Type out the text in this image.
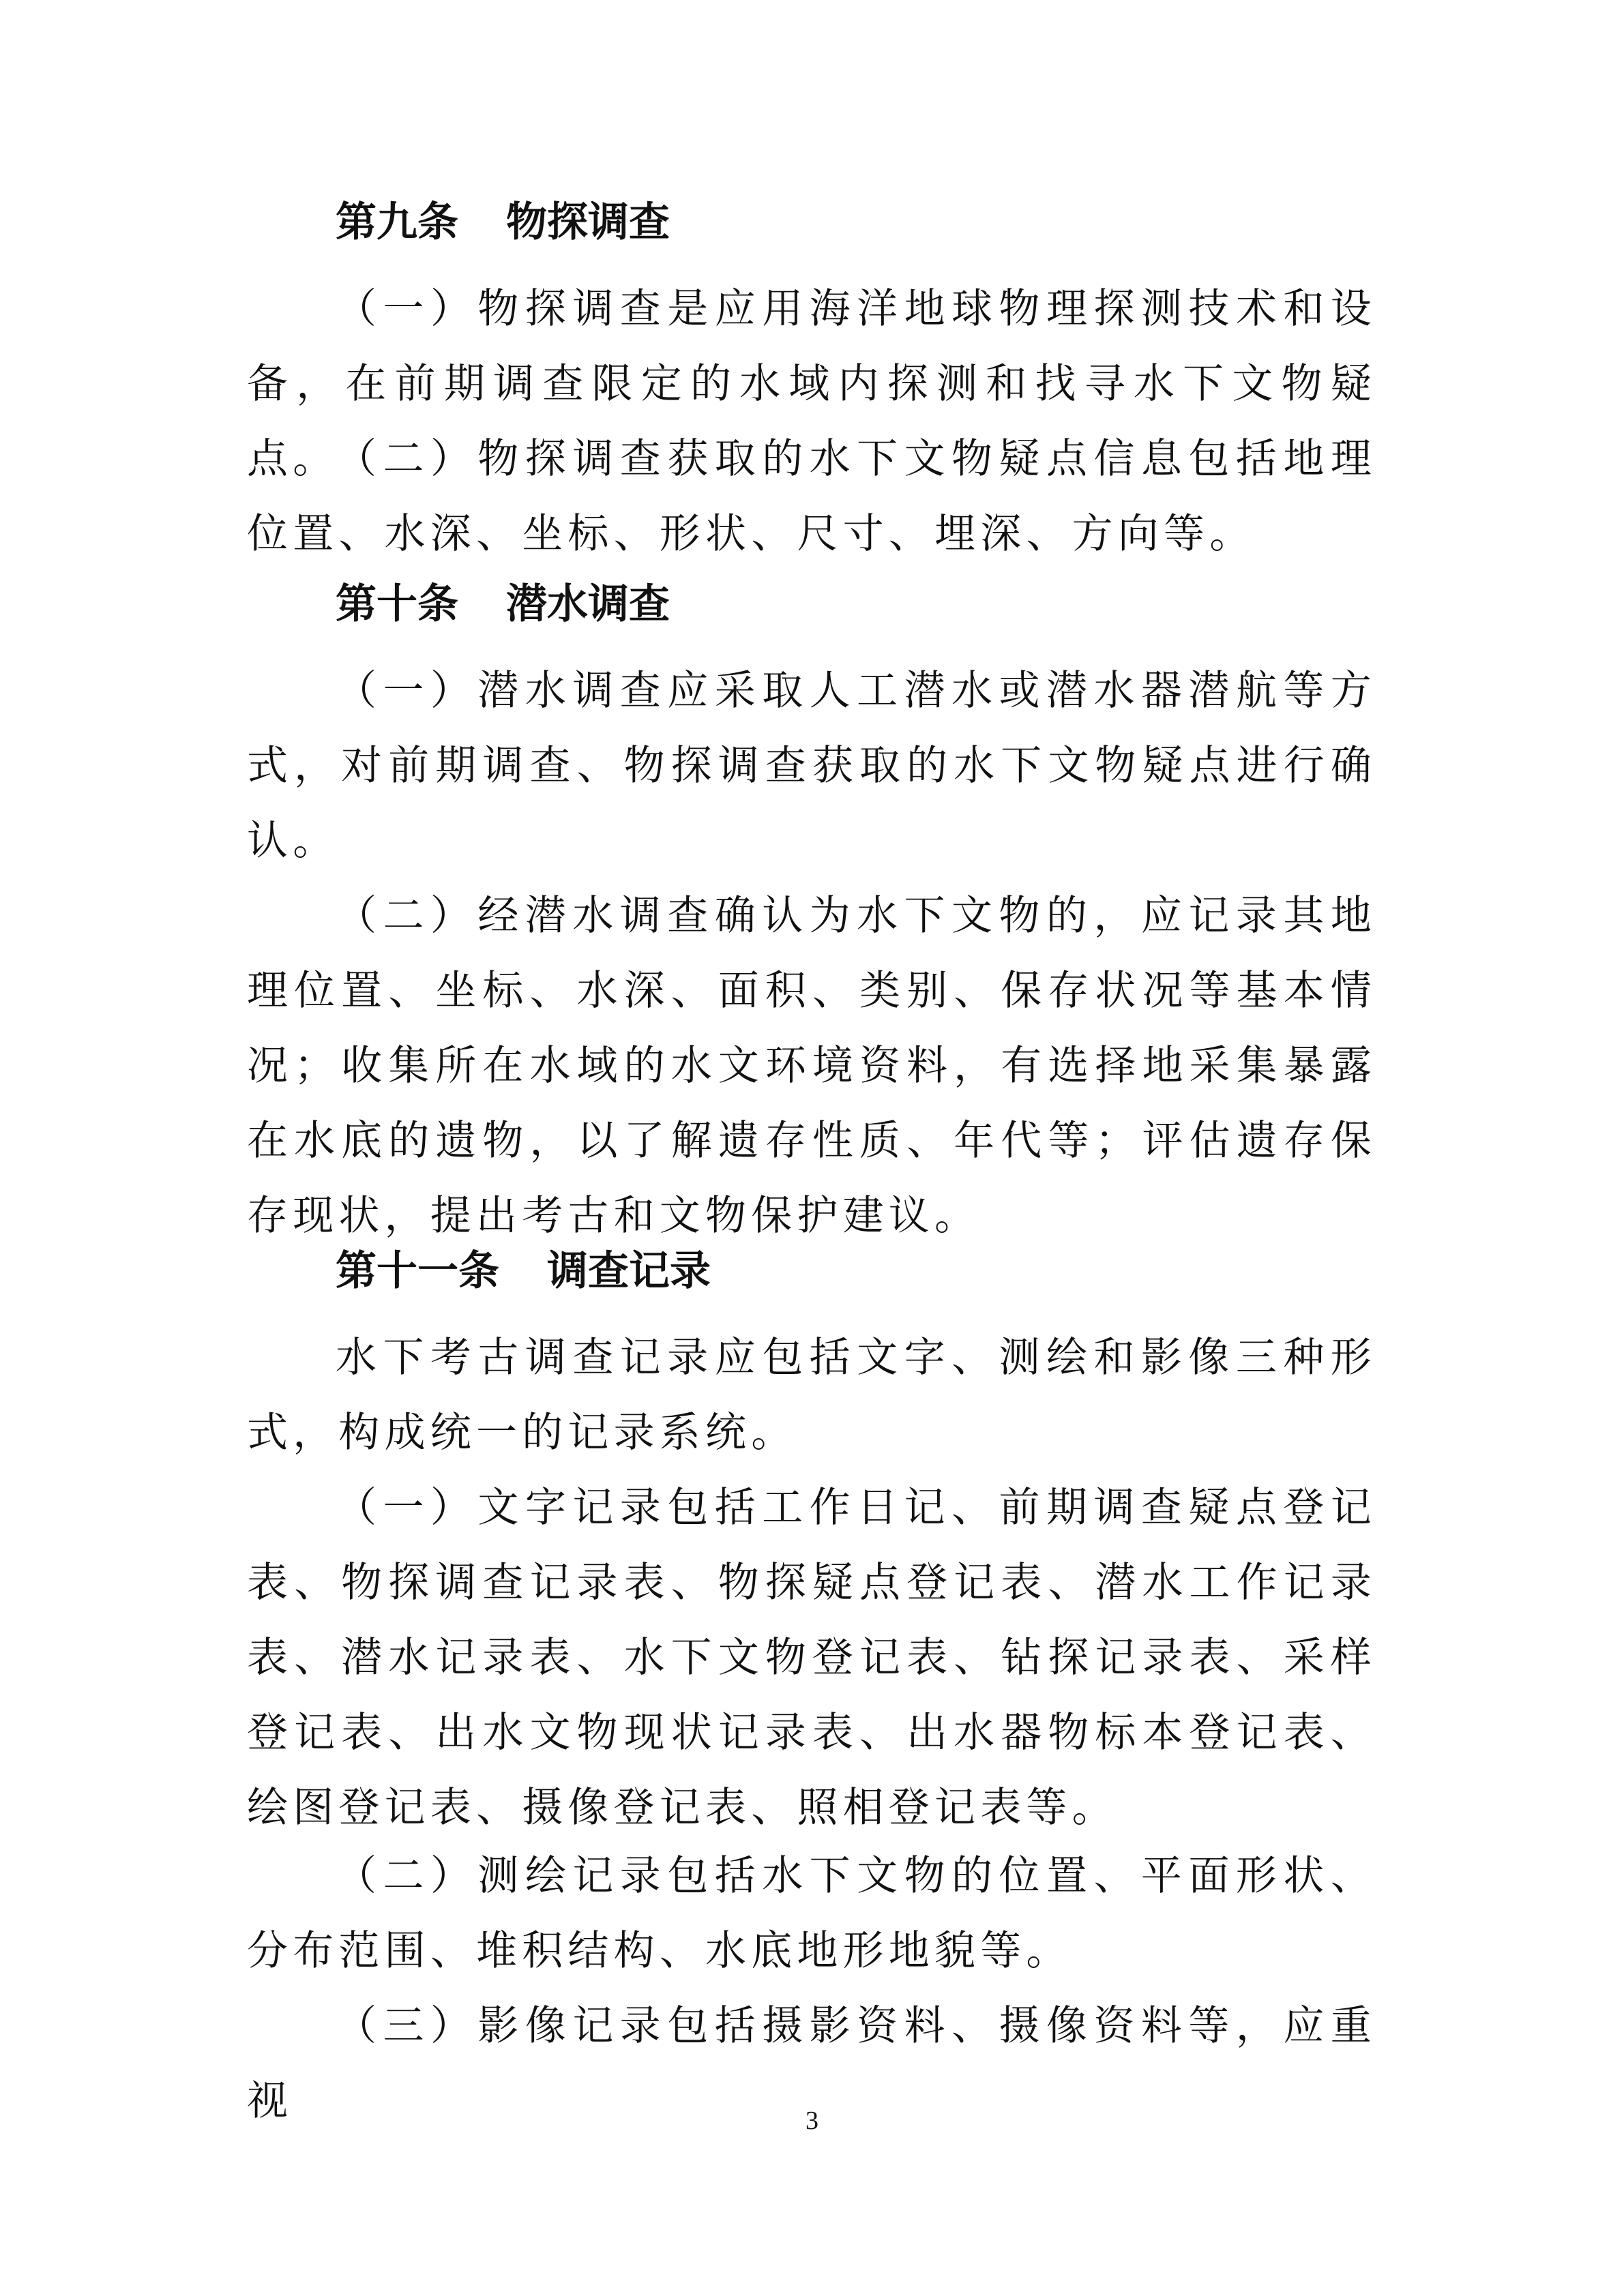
第九条 物探调查

（一）物探调查是应用海洋地球物理探测技术和设备，在前期调查限定的水域内探测和找寻水下文物疑点。

（二）物探调查获取的水下文物疑点信息包括地理位置、水深、坐标、形状、尺寸、埋深、方向等。

第十条 潜水调查

（一）潜水调查应采取人工潜水或潜水器潜航等方式，对前期调查、物探调查获取的水下文物疑点进行确认。

（二）经潜水调查确认为水下文物的，应记录其地理位置、坐标、水深、面积、类别、保存状况等基本情况；收集所在水域的水文环境资料，有选择地采集暴露在水底的遗物，以了解遗存性质、年代等；评估遗存保存现状，提出考古和文物保护建议。

第十一条 调查记录

水下考古调查记录应包括文字、测绘和影像三种形式，构成统一的记录系统。

（一）文字记录包括工作日记、前期调查疑点登记表、物探调查记录表、物探疑点登记表、潜水工作记录表、潜水记录表、水下文物登记表、钻探记录表、采样登记表、出水文物现状记录表、出水器物标本登记表、绘图登记表、摄像登记表、照相登记表等。

（二）测绘记录包括水下文物的位置、平面形状、分布范围、堆积结构、水底地形地貌等。

（三）影像记录包括摄影资料、摄像资料等，应重视	3
